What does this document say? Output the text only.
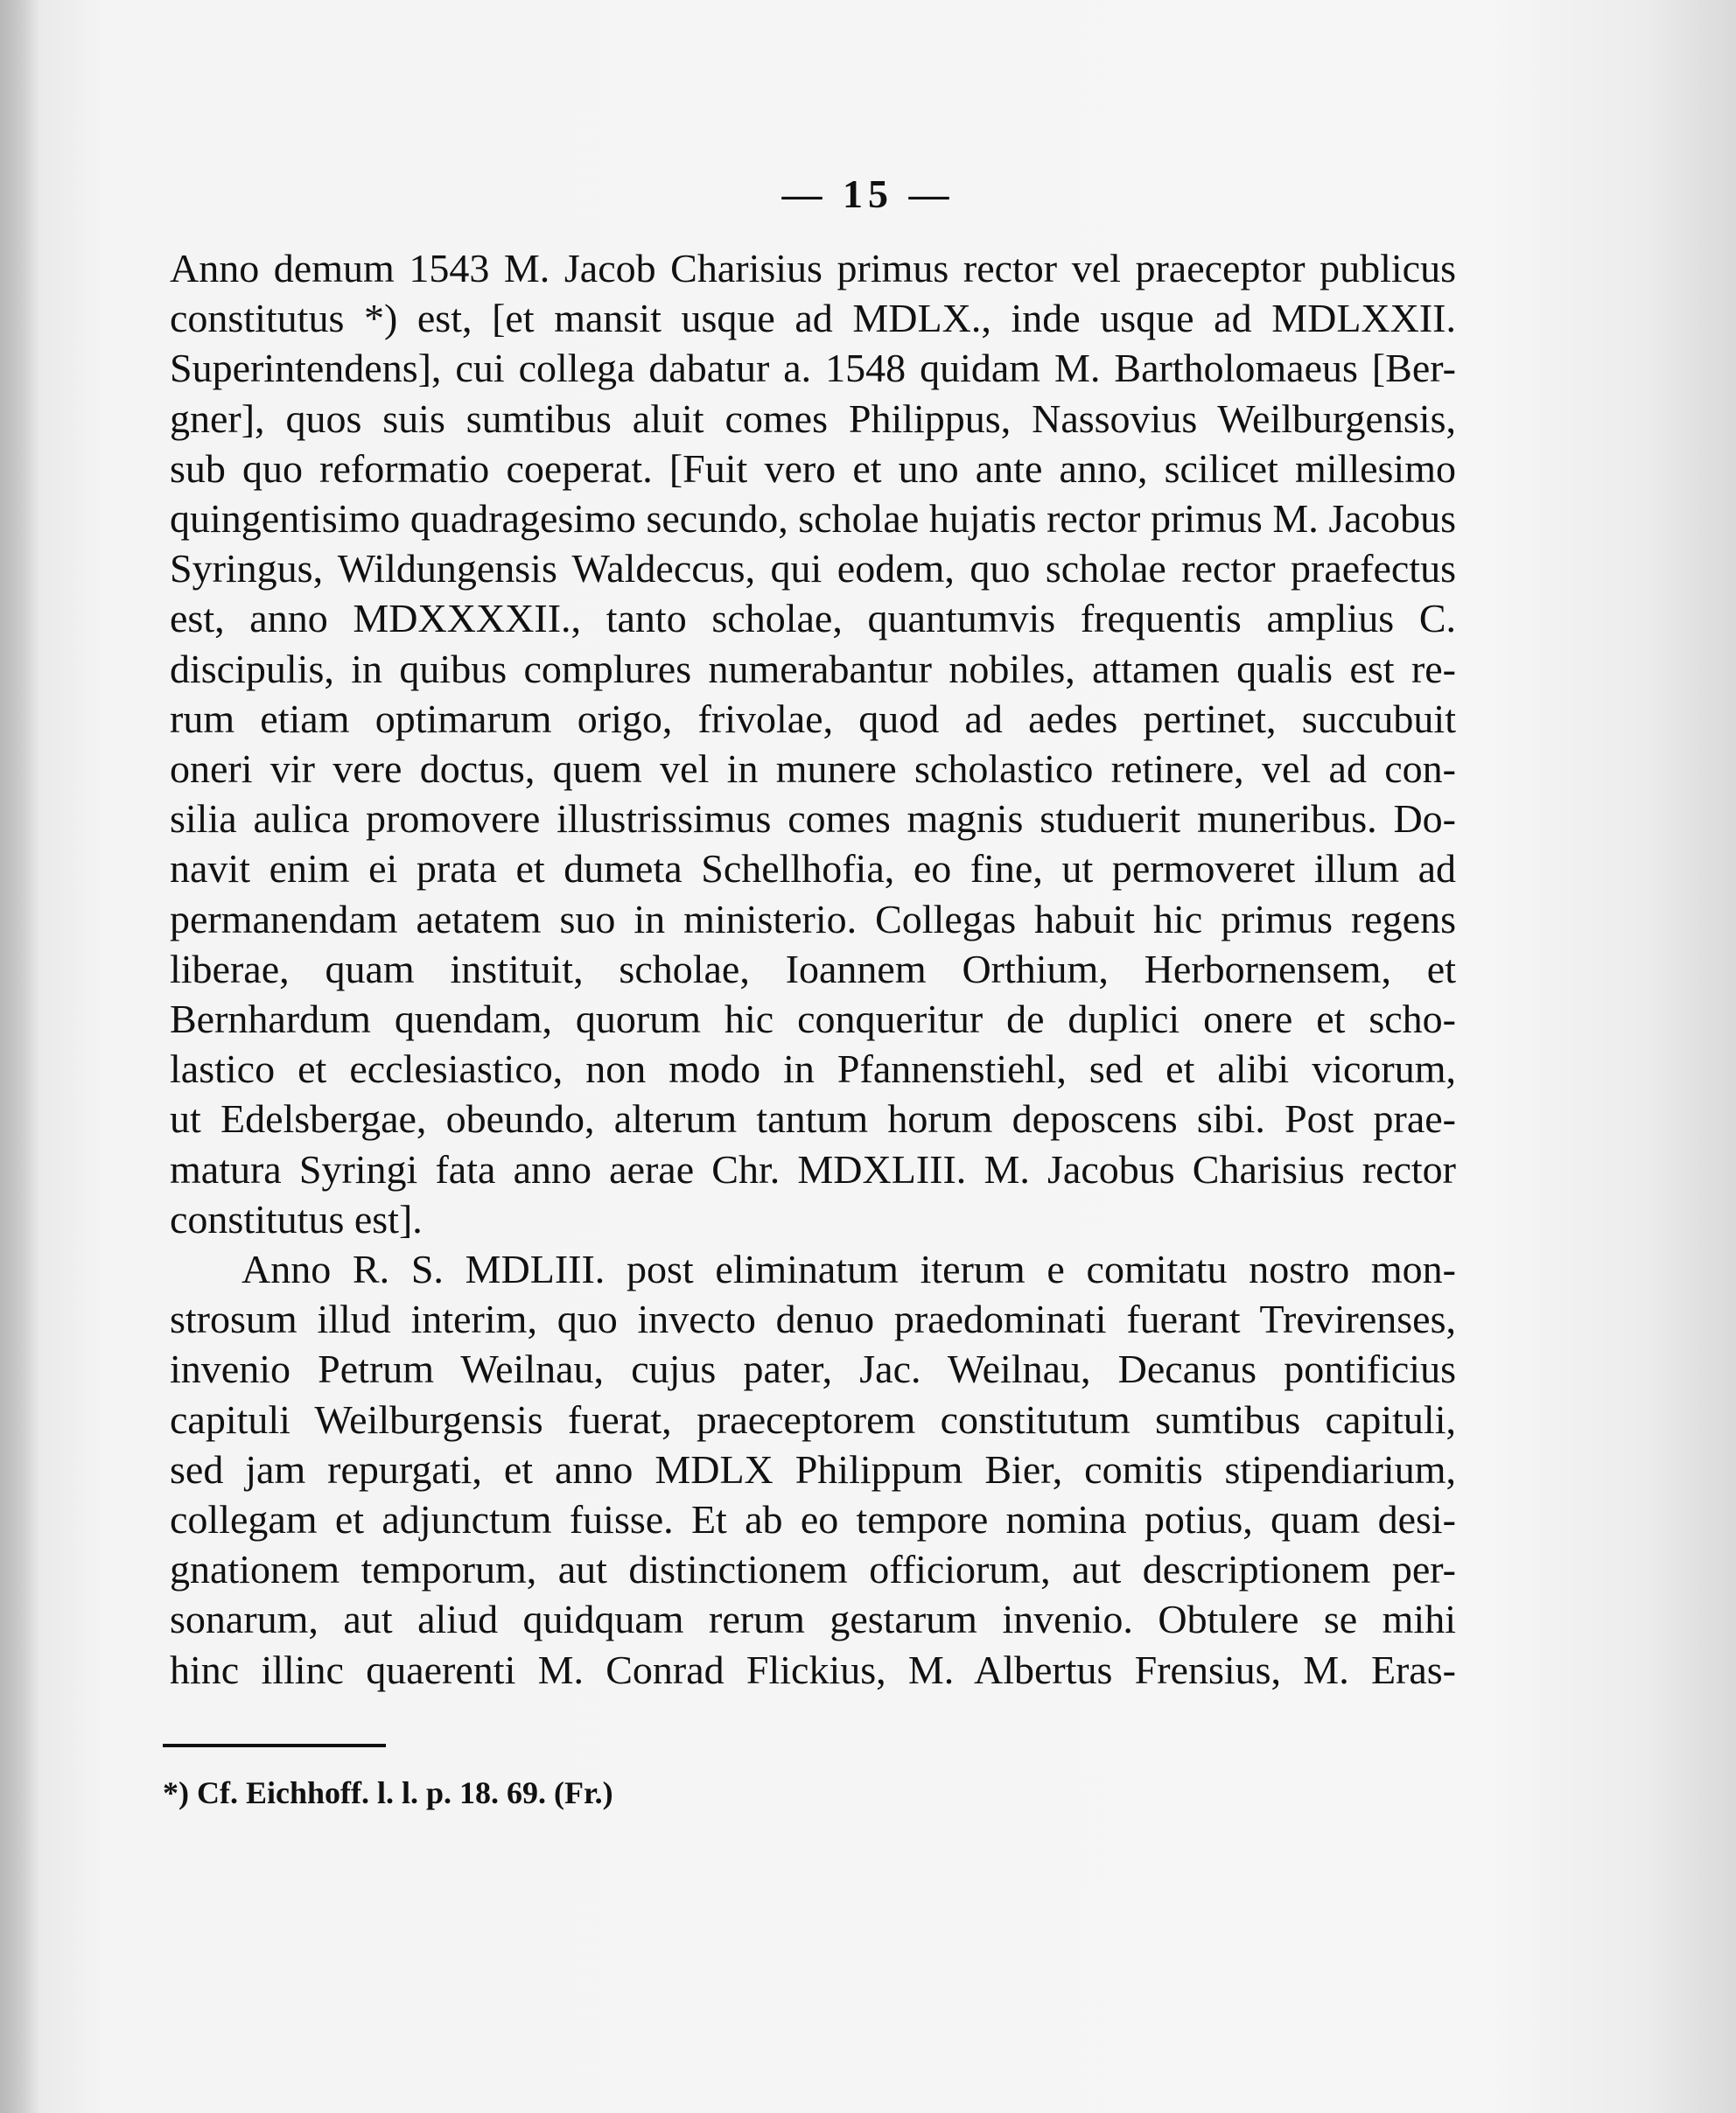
— 15 —
Anno demum 1543 M. Jacob Charisius primus rector vel praeceptor publicus
constitutus *) est, [et mansit usque ad MDLX., inde usque ad MDLXXII.
Superintendens], cui collega dabatur a. 1548 quidam M. Bartholomaeus [Ber-
gner], quos suis sumtibus aluit comes Philippus, Nassovius Weilburgensis,
sub quo reformatio coeperat. [Fuit vero et uno ante anno, scilicet millesimo
quingentisimo quadragesimo secundo, scholae hujatis rector primus M. Jacobus
Syringus, Wildungensis Waldeccus, qui eodem, quo scholae rector praefectus
est, anno MDXXXXII., tanto scholae, quantumvis frequentis amplius C.
discipulis, in quibus complures numerabantur nobiles, attamen qualis est re-
rum etiam optimarum origo, frivolae, quod ad aedes pertinet, succubuit
oneri vir vere doctus, quem vel in munere scholastico retinere, vel ad con-
silia aulica promovere illustrissimus comes magnis studuerit muneribus. Do-
navit enim ei prata et dumeta Schellhofia, eo fine, ut permoveret illum ad
permanendam aetatem suo in ministerio. Collegas habuit hic primus regens
liberae, quam instituit, scholae, Ioannem Orthium, Herbornensem, et
Bernhardum quendam, quorum hic conqueritur de duplici onere et scho-
lastico et ecclesiastico, non modo in Pfannenstiehl, sed et alibi vicorum,
ut Edelsbergae, obeundo, alterum tantum horum deposcens sibi. Post prae-
matura Syringi fata anno aerae Chr. MDXLIII. M. Jacobus Charisius rector
constitutus est].
Anno R. S. MDLIII. post eliminatum iterum e comitatu nostro mon-
strosum illud interim, quo invecto denuo praedominati fuerant Trevirenses,
invenio Petrum Weilnau, cujus pater, Jac. Weilnau, Decanus pontificius
capituli Weilburgensis fuerat, praeceptorem constitutum sumtibus capituli,
sed jam repurgati, et anno MDLX Philippum Bier, comitis stipendiarium,
collegam et adjunctum fuisse. Et ab eo tempore nomina potius, quam desi-
gnationem temporum, aut distinctionem officiorum, aut descriptionem per-
sonarum, aut aliud quidquam rerum gestarum invenio. Obtulere se mihi
hinc illinc quaerenti M. Conrad Flickius, M. Albertus Frensius, M. Eras-
*) Cf. Eichhoff. l. l. p. 18. 69. (Fr.)
